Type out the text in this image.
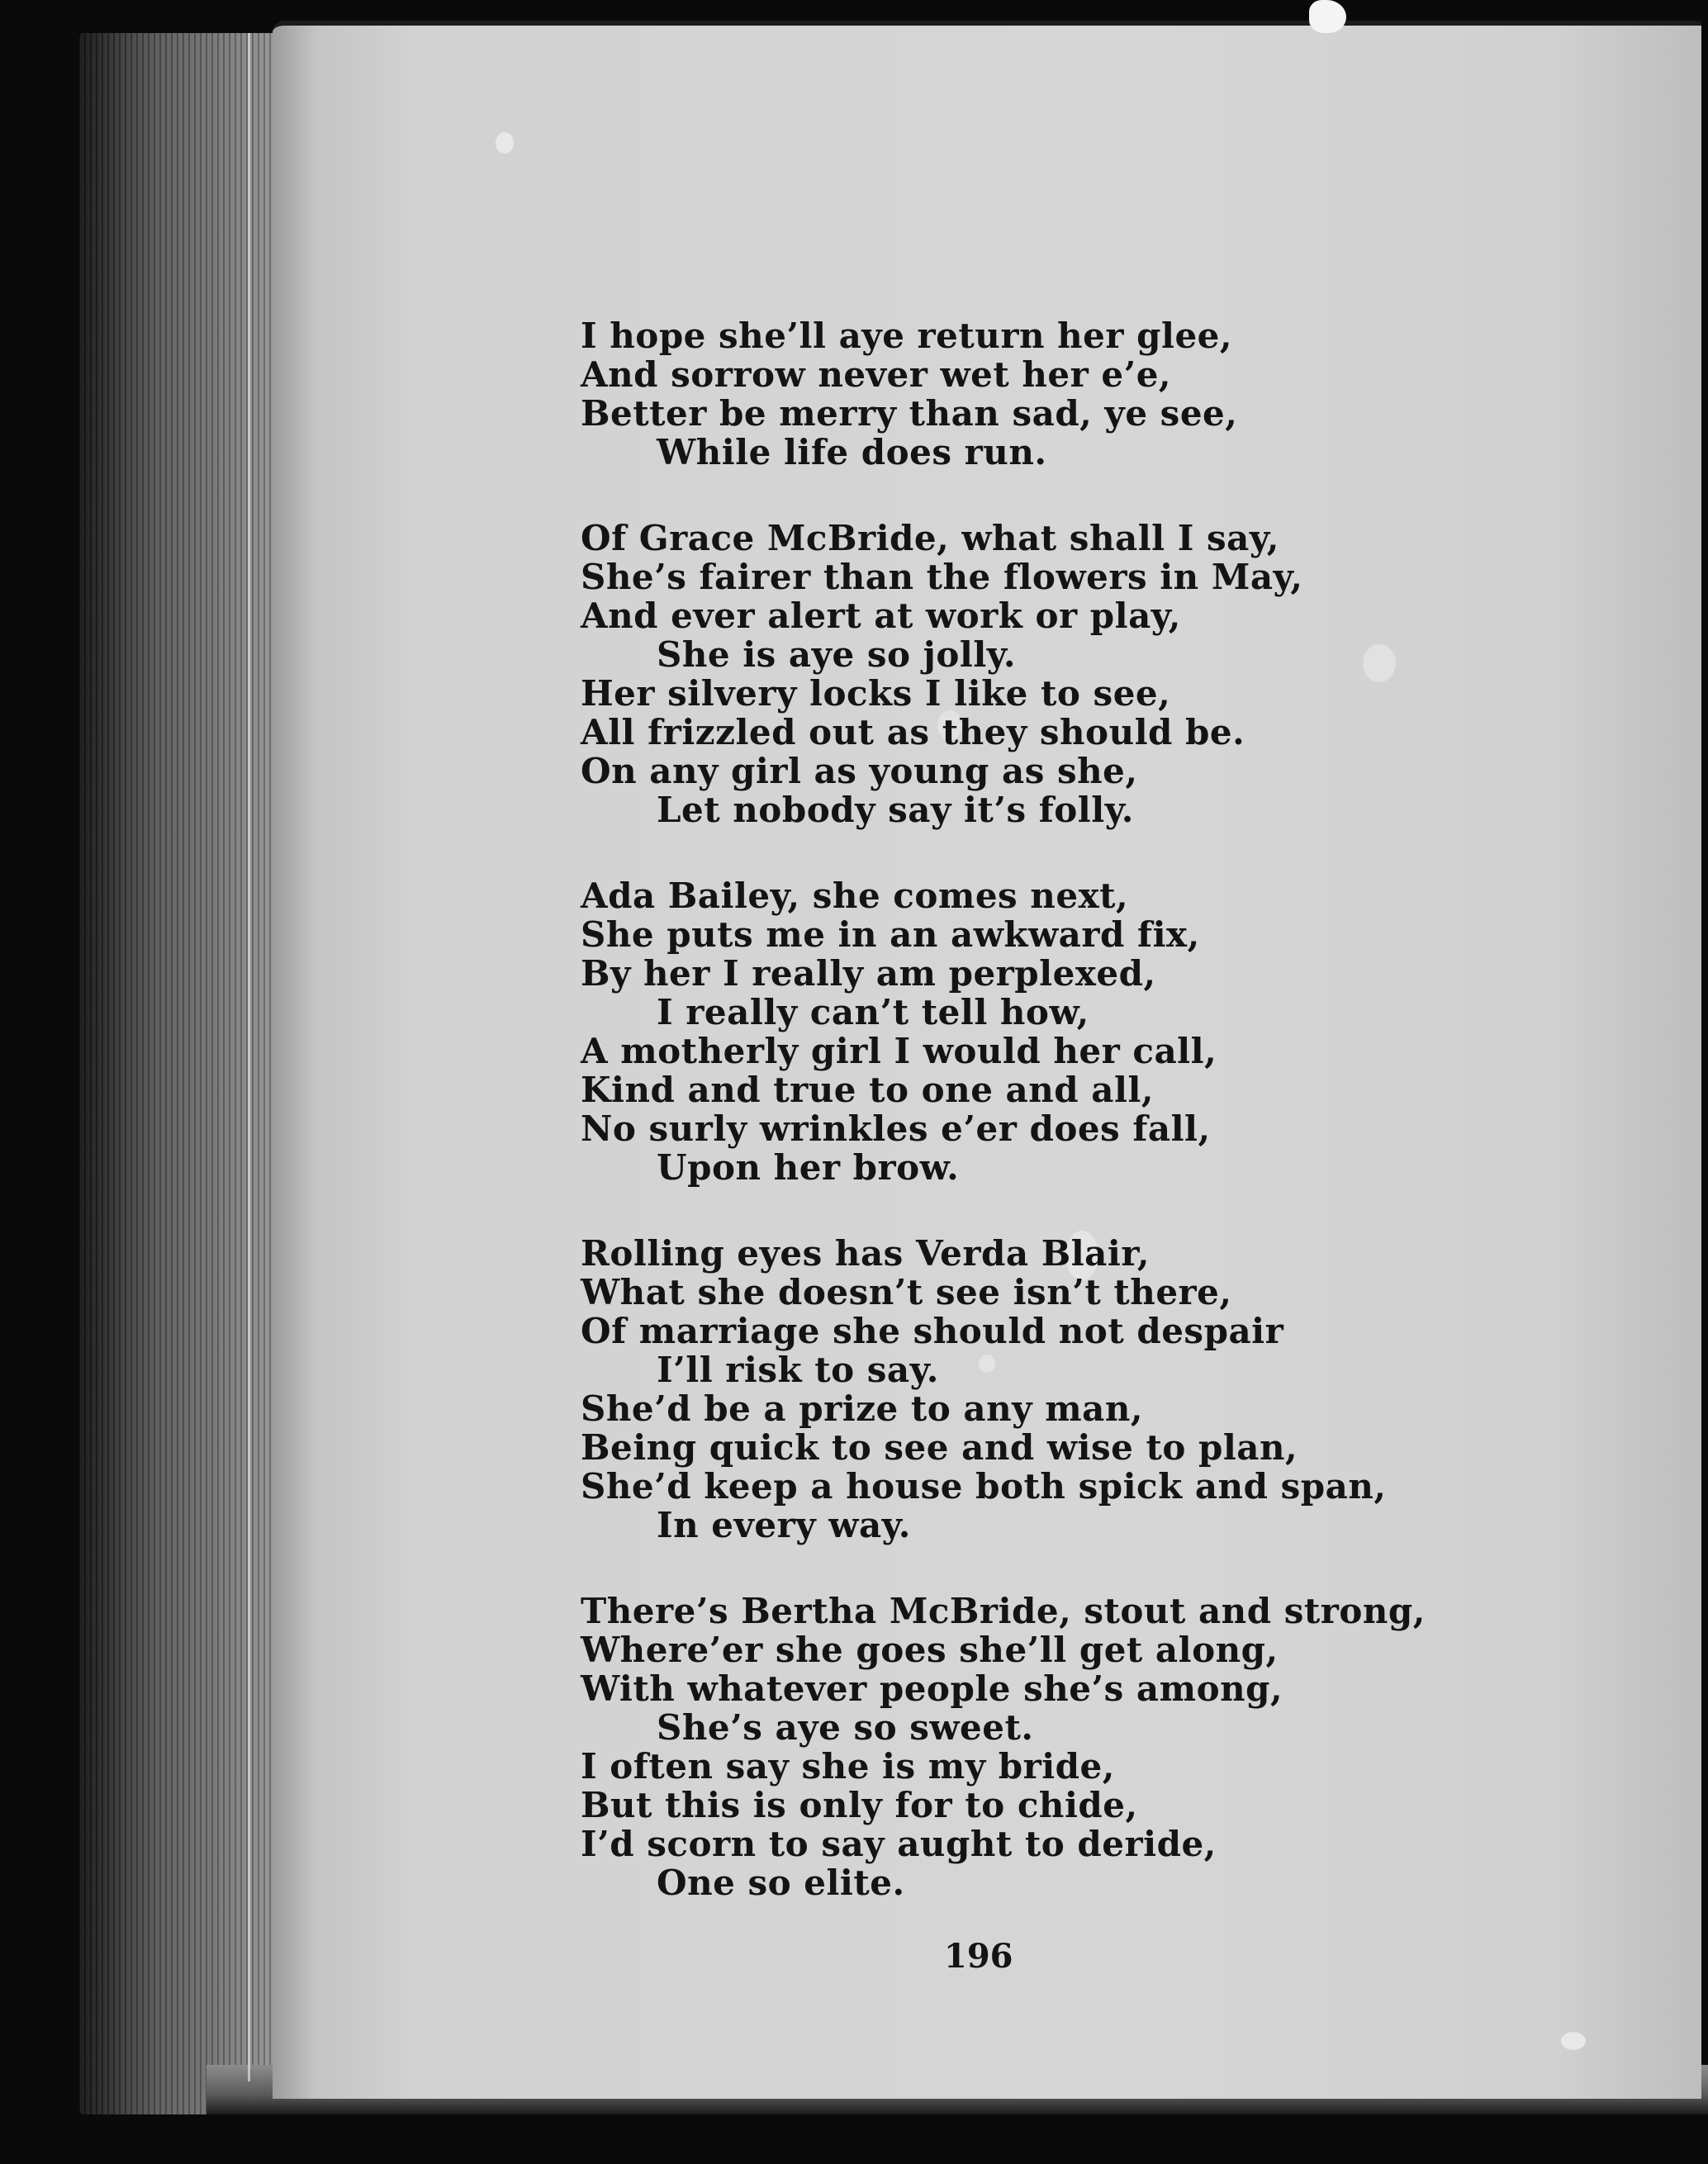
I hope she’ll aye return her glee,
And sorrow never wet her e’e,
Better be merry than sad, ye see,
While life does run.
Of Grace McBride, what shall I say,
She’s fairer than the flowers in May,
And ever alert at work or play,
She is aye so jolly.
Her silvery locks I like to see,
All frizzled out as they should be.
On any girl as young as she,
Let nobody say it’s folly.
Ada Bailey, she comes next,
She puts me in an awkward fix,
By her I really am perplexed,
I really can’t tell how,
A motherly girl I would her call,
Kind and true to one and all,
No surly wrinkles e’er does fall,
Upon her brow.
Rolling eyes has Verda Blair,
What she doesn’t see isn’t there,
Of marriage she should not despair
I’ll risk to say.
She’d be a prize to any man,
Being quick to see and wise to plan,
She’d keep a house both spick and span,
In every way.
There’s Bertha McBride, stout and strong,
Where’er she goes she’ll get along,
With whatever people she’s among,
She’s aye so sweet.
I often say she is my bride,
But this is only for to chide,
I’d scorn to say aught to deride,
One so elite.
196
